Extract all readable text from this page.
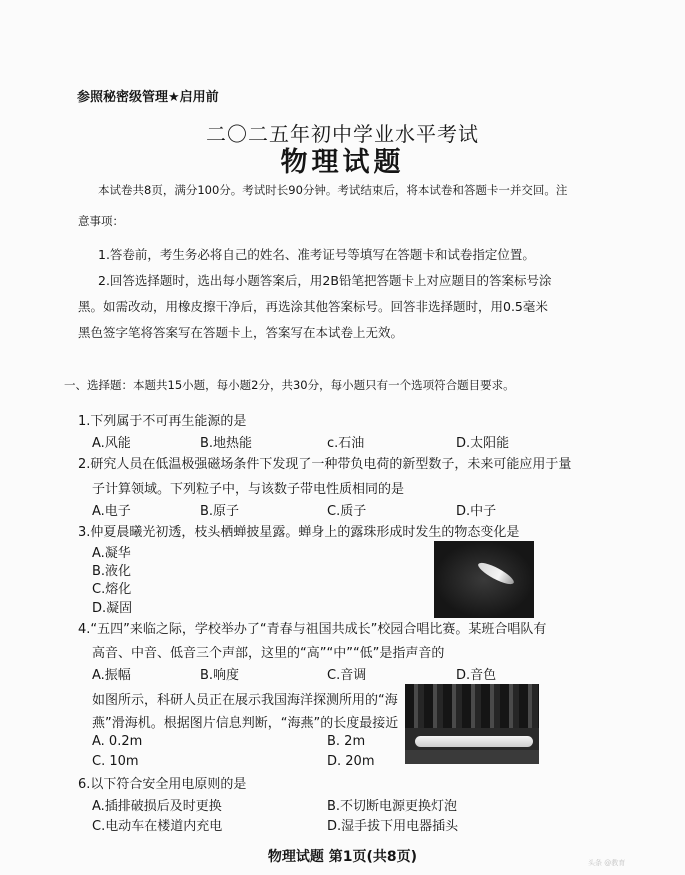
参照秘密级管理★启用前
二〇二五年初中学业水平考试
物理试题
本试卷共8页，满分100分。考试时长90分钟。考试结束后，将本试卷和答题卡一并交回。注
意事项：
1.答卷前，考生务必将自己的姓名、准考证号等填写在答题卡和试卷指定位置。
2.回答选择题时，选出每小题答案后，用2B铅笔把答题卡上对应题目的答案标号涂
黑。如需改动，用橡皮擦干净后，再选涂其他答案标号。回答非选择题时，用0.5毫米
黑色签字笔将答案写在答题卡上，答案写在本试卷上无效。
一、选择题：本题共15小题，每小题2分，共30分，每小题只有一个选项符合题目要求。
1.下列属于不可再生能源的是
A.风能	B.地热能	c.石油	D.太阳能
2.研究人员在低温极强磁场条件下发现了一种带负电荷的新型数子，未来可能应用于量
子计算领域。下列粒子中，与该数子带电性质相同的是
A.电子	B.原子	C.质子	D.中子
3.仲夏晨曦光初透，枝头栖蝉披星露。蝉身上的露珠形成时发生的物态变化是
A.凝华
B.液化
C.熔化
D.凝固
4.“五四”来临之际，学校举办了“青春与祖国共成长”校园合唱比赛。某班合唱队有
高音、中音、低音三个声部，这里的“高”“中”“低”是指声音的
A.振幅	B.响度	C.音调	D.音色
如图所示，科研人员正在展示我国海洋探测所用的“海
燕”滑海机。根据图片信息判断，“海燕”的长度最接近
A. 0.2m	B. 2m
C. 10m	D. 20m
6.以下符合安全用电原则的是
A.插排破损后及时更换	B.不切断电源更换灯泡
C.电动车在楼道内充电	D.湿手拔下用电器插头
物理试题 第1页(共8页)	头条 @教育
